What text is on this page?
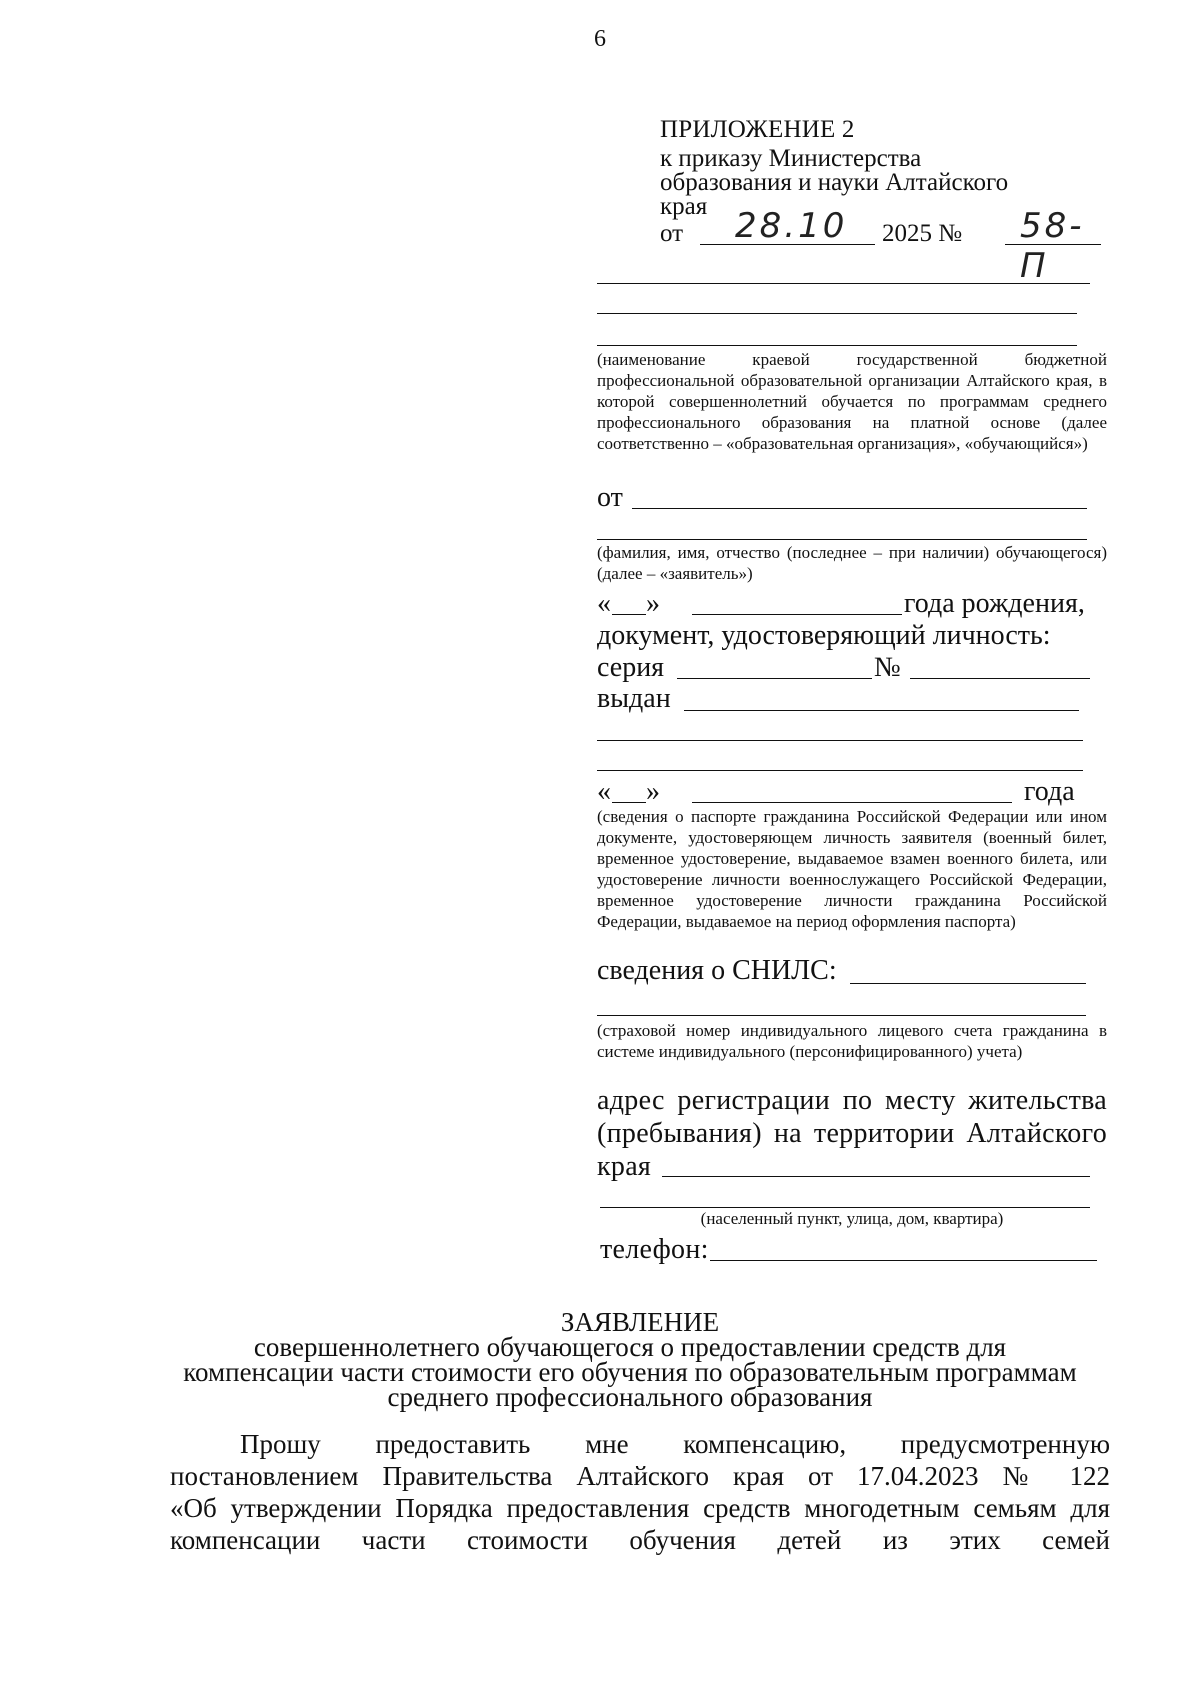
6
ПРИЛОЖЕНИЕ 2
к приказу Министерства
образования и науки Алтайского
края
от 28.10 2025 № 58-П
(наименование краевой государственной бюджетной профессиональной образовательной организации Алтайского края, в которой совершеннолетний обучается по программам среднего профессионального образования на платной основе (далее соответственно – «образовательная организация», «обучающийся»)
от
(фамилия, имя, отчество (последнее – при наличии) обучающегося) (далее – «заявитель»)
« »	года рождения,
документ, удостоверяющий личность:
серия	№
выдан
« »	года
(сведения о паспорте гражданина Российской Федерации или ином документе, удостоверяющем личность заявителя (военный билет, временное удостоверение, выдаваемое взамен военного билета, или удостоверение личности военнослужащего Российской Федерации, временное удостоверение личности гражданина Российской Федерации, выдаваемое на период оформления паспорта)
сведения о СНИЛС:
(страховой номер индивидуального лицевого счета гражданина в системе индивидуального (персонифицированного) учета)
адрес регистрации по месту жительства (пребывания) на территории Алтайского
края
(населенный пункт, улица, дом, квартира)
телефон:
ЗАЯВЛЕНИЕ
совершеннолетнего обучающегося о предоставлении средств для
компенсации части стоимости его обучения по образовательным программам
среднего профессионального образования
Прошу предоставить мне компенсацию, предусмотренную
постановлением Правительства Алтайского края от 17.04.2023 № 122
«Об утверждении Порядка предоставления средств многодетным семьям для
компенсации части стоимости обучения детей из этих семей
